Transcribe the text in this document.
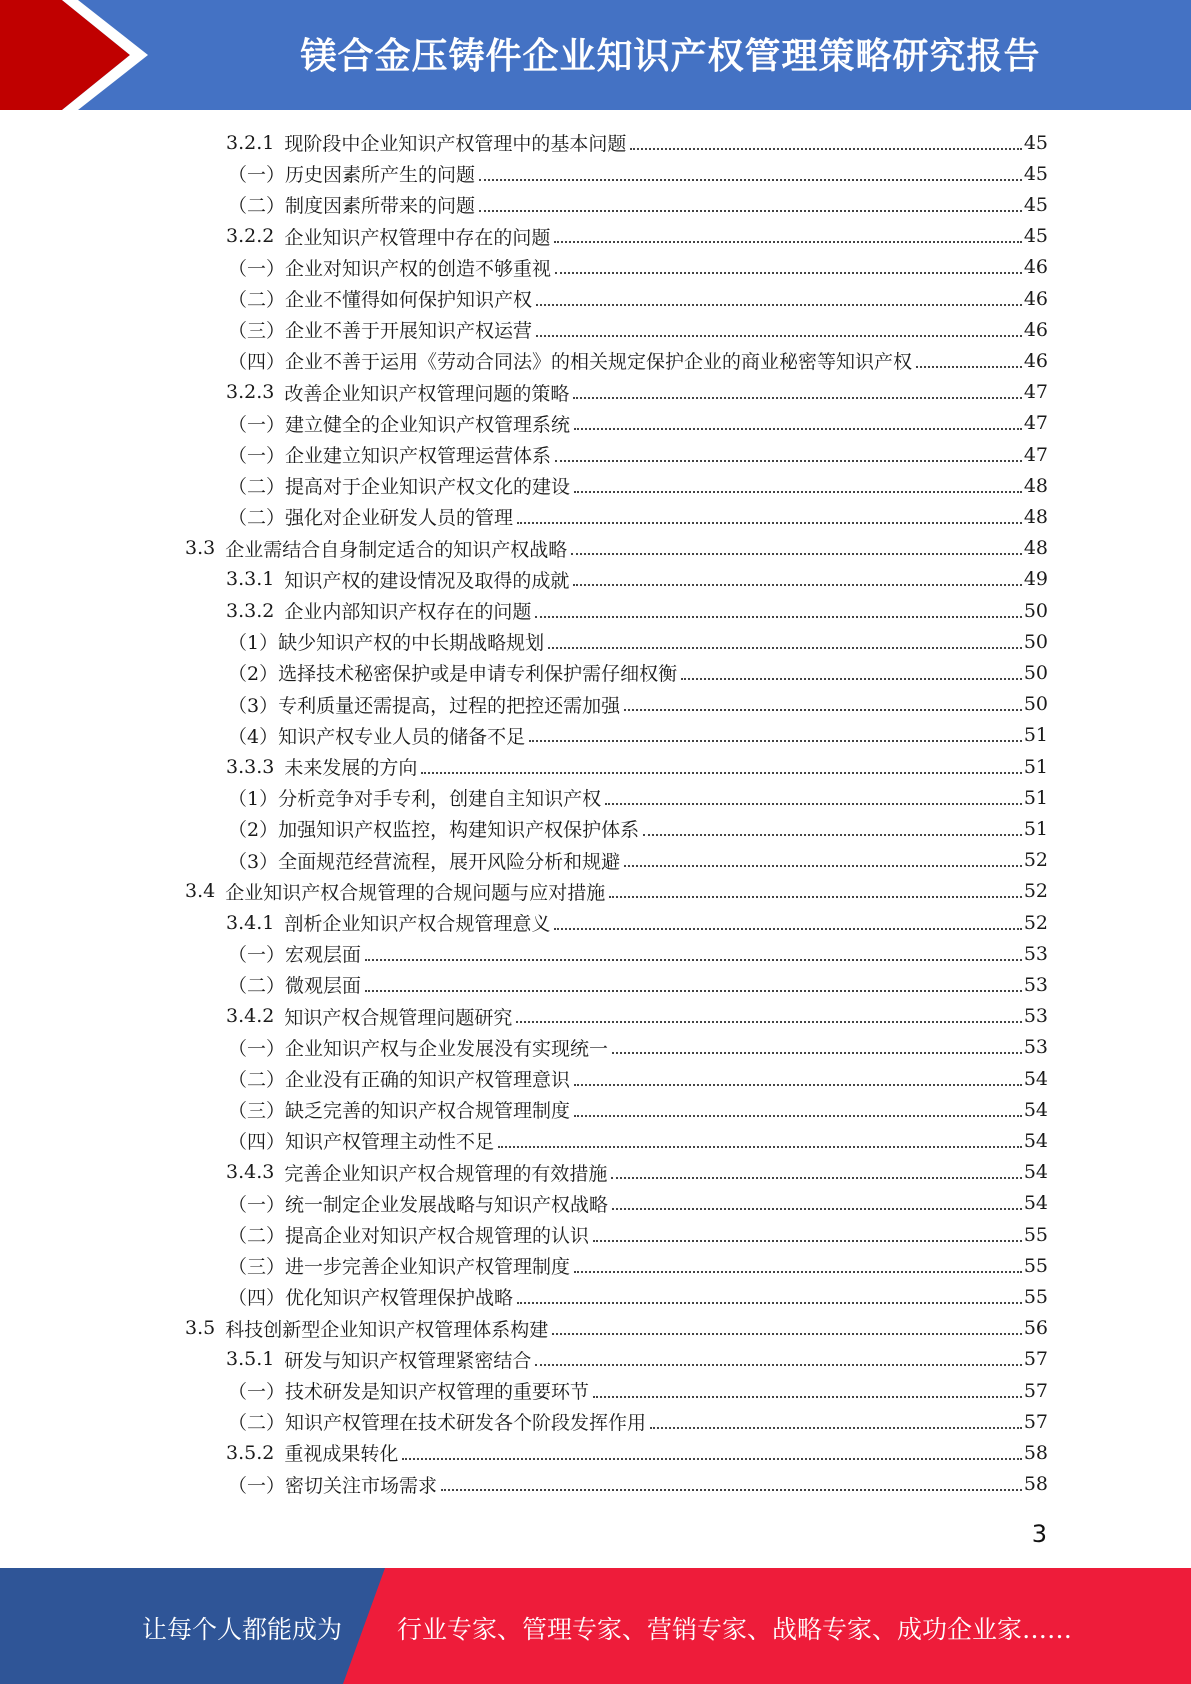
镁合金压铸件企业知识产权管理策略研究报告
3.2.1 现阶段中企业知识产权管理中的基本问题	45
（一）历史因素所产生的问题	45
（二）制度因素所带来的问题	45
3.2.2 企业知识产权管理中存在的问题	45
（一）企业对知识产权的创造不够重视	46
（二）企业不懂得如何保护知识产权	46
（三）企业不善于开展知识产权运营	46
（四）企业不善于运用《劳动合同法》的相关规定保护企业的商业秘密等知识产权	46
3.2.3 改善企业知识产权管理问题的策略	47
（一）建立健全的企业知识产权管理系统	47
（一）企业建立知识产权管理运营体系	47
（二）提高对于企业知识产权文化的建设	48
（二）强化对企业研发人员的管理	48
3.3 企业需结合自身制定适合的知识产权战略	48
3.3.1 知识产权的建设情况及取得的成就	49
3.3.2 企业内部知识产权存在的问题	50
（1）缺少知识产权的中长期战略规划	50
（2）选择技术秘密保护或是申请专利保护需仔细权衡	50
（3）专利质量还需提高，过程的把控还需加强	50
（4）知识产权专业人员的储备不足	51
3.3.3 未来发展的方向	51
（1）分析竞争对手专利，创建自主知识产权	51
（2）加强知识产权监控，构建知识产权保护体系	51
（3）全面规范经营流程，展开风险分析和规避	52
3.4 企业知识产权合规管理的合规问题与应对措施	52
3.4.1 剖析企业知识产权合规管理意义	52
（一）宏观层面	53
（二）微观层面	53
3.4.2 知识产权合规管理问题研究	53
（一）企业知识产权与企业发展没有实现统一	53
（二）企业没有正确的知识产权管理意识	54
（三）缺乏完善的知识产权合规管理制度	54
（四）知识产权管理主动性不足	54
3.4.3 完善企业知识产权合规管理的有效措施	54
（一）统一制定企业发展战略与知识产权战略	54
（二）提高企业对知识产权合规管理的认识	55
（三）进一步完善企业知识产权管理制度	55
（四）优化知识产权管理保护战略	55
3.5 科技创新型企业知识产权管理体系构建	56
3.5.1 研发与知识产权管理紧密结合	57
（一）技术研发是知识产权管理的重要环节	57
（二）知识产权管理在技术研发各个阶段发挥作用	57
3.5.2 重视成果转化	58
（一）密切关注市场需求	58
3
让每个人都能成为 行业专家、管理专家、营销专家、战略专家、成功企业家……
